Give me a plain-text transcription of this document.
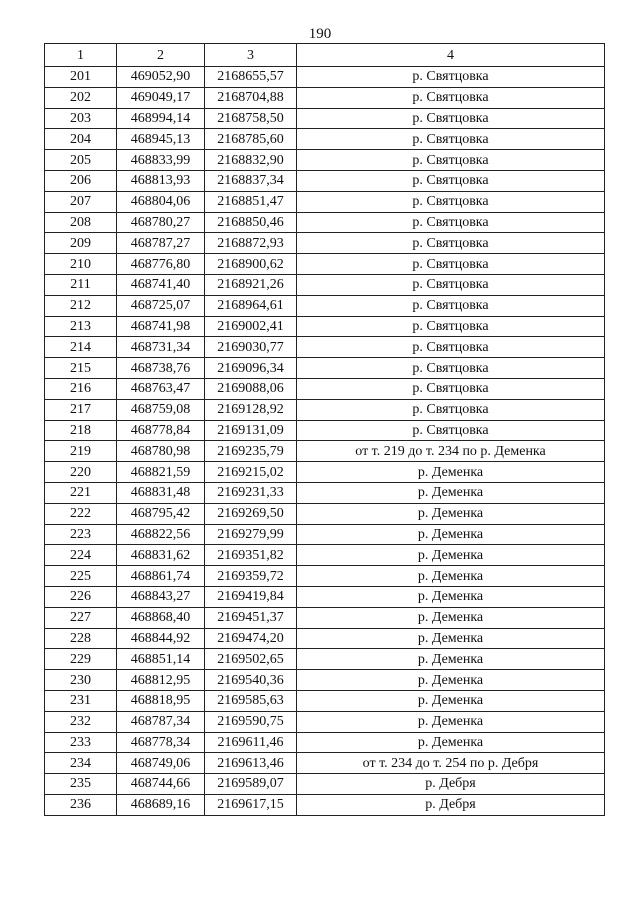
190
1	2	3	4
201	469052,90	2168655,57	р. Святцовка
202	469049,17	2168704,88	р. Святцовка
203	468994,14	2168758,50	р. Святцовка
204	468945,13	2168785,60	р. Святцовка
205	468833,99	2168832,90	р. Святцовка
206	468813,93	2168837,34	р. Святцовка
207	468804,06	2168851,47	р. Святцовка
208	468780,27	2168850,46	р. Святцовка
209	468787,27	2168872,93	р. Святцовка
210	468776,80	2168900,62	р. Святцовка
211	468741,40	2168921,26	р. Святцовка
212	468725,07	2168964,61	р. Святцовка
213	468741,98	2169002,41	р. Святцовка
214	468731,34	2169030,77	р. Святцовка
215	468738,76	2169096,34	р. Святцовка
216	468763,47	2169088,06	р. Святцовка
217	468759,08	2169128,92	р. Святцовка
218	468778,84	2169131,09	р. Святцовка
219	468780,98	2169235,79	от т. 219 до т. 234 по р. Деменка
220	468821,59	2169215,02	р. Деменка
221	468831,48	2169231,33	р. Деменка
222	468795,42	2169269,50	р. Деменка
223	468822,56	2169279,99	р. Деменка
224	468831,62	2169351,82	р. Деменка
225	468861,74	2169359,72	р. Деменка
226	468843,27	2169419,84	р. Деменка
227	468868,40	2169451,37	р. Деменка
228	468844,92	2169474,20	р. Деменка
229	468851,14	2169502,65	р. Деменка
230	468812,95	2169540,36	р. Деменка
231	468818,95	2169585,63	р. Деменка
232	468787,34	2169590,75	р. Деменка
233	468778,34	2169611,46	р. Деменка
234	468749,06	2169613,46	от т. 234 до т. 254 по р. Дебря
235	468744,66	2169589,07	р. Дебря
236	468689,16	2169617,15	р. Дебря
